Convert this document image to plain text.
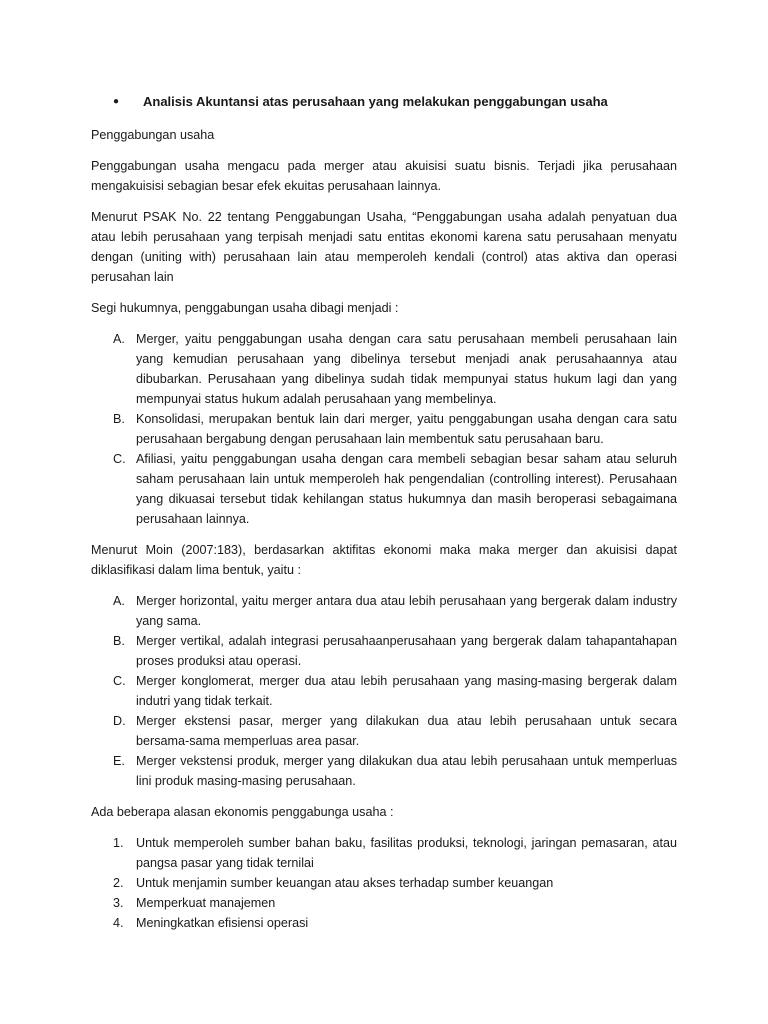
●	Analisis Akuntansi atas perusahaan yang melakukan penggabungan usaha

Penggabungan usaha

Penggabungan usaha mengacu pada merger atau akuisisi suatu bisnis. Terjadi jika perusahaan mengakuisisi sebagian besar efek ekuitas perusahaan lainnya.

Menurut PSAK No. 22 tentang Penggabungan Usaha, “Penggabungan usaha adalah penyatuan dua atau lebih perusahaan yang terpisah menjadi satu entitas ekonomi karena satu perusahaan menyatu dengan (uniting with) perusahaan lain atau memperoleh kendali (control) atas aktiva dan operasi perusahan lain

Segi hukumnya, penggabungan usaha dibagi menjadi :

A. Merger, yaitu penggabungan usaha dengan cara satu perusahaan membeli perusahaan lain yang kemudian perusahaan yang dibelinya tersebut menjadi anak perusahaannya atau dibubarkan. Perusahaan yang dibelinya sudah tidak mempunyai status hukum lagi dan yang mempunyai status hukum adalah perusahaan yang membelinya.
B. Konsolidasi, merupakan bentuk lain dari merger, yaitu penggabungan usaha dengan cara satu perusahaan bergabung dengan perusahaan lain membentuk satu perusahaan baru.
C. Afiliasi, yaitu penggabungan usaha dengan cara membeli sebagian besar saham atau seluruh saham perusahaan lain untuk memperoleh hak pengendalian (controlling interest). Perusahaan yang dikuasai tersebut tidak kehilangan status hukumnya dan masih beroperasi sebagaimana perusahaan lainnya.

Menurut Moin (2007:183), berdasarkan aktifitas ekonomi maka maka merger dan akuisisi dapat diklasifikasi dalam lima bentuk, yaitu :

A. Merger horizontal, yaitu merger antara dua atau lebih perusahaan yang bergerak dalam industry yang sama.
B. Merger vertikal, adalah integrasi perusahaanperusahaan yang bergerak dalam tahapantahapan proses produksi atau operasi.
C. Merger konglomerat, merger dua atau lebih perusahaan yang masing-masing bergerak dalam indutri yang tidak terkait.
D. Merger ekstensi pasar, merger yang dilakukan dua atau lebih perusahaan untuk secara bersama-sama memperluas area pasar.
E. Merger vekstensi produk, merger yang dilakukan dua atau lebih perusahaan untuk memperluas lini produk masing-masing perusahaan.

Ada beberapa alasan ekonomis penggabunga usaha :

1. Untuk memperoleh sumber bahan baku, fasilitas produksi, teknologi, jaringan pemasaran, atau pangsa pasar yang tidak ternilai
2. Untuk menjamin sumber keuangan atau akses terhadap sumber keuangan
3. Memperkuat manajemen
4. Meningkatkan efisiensi operasi
